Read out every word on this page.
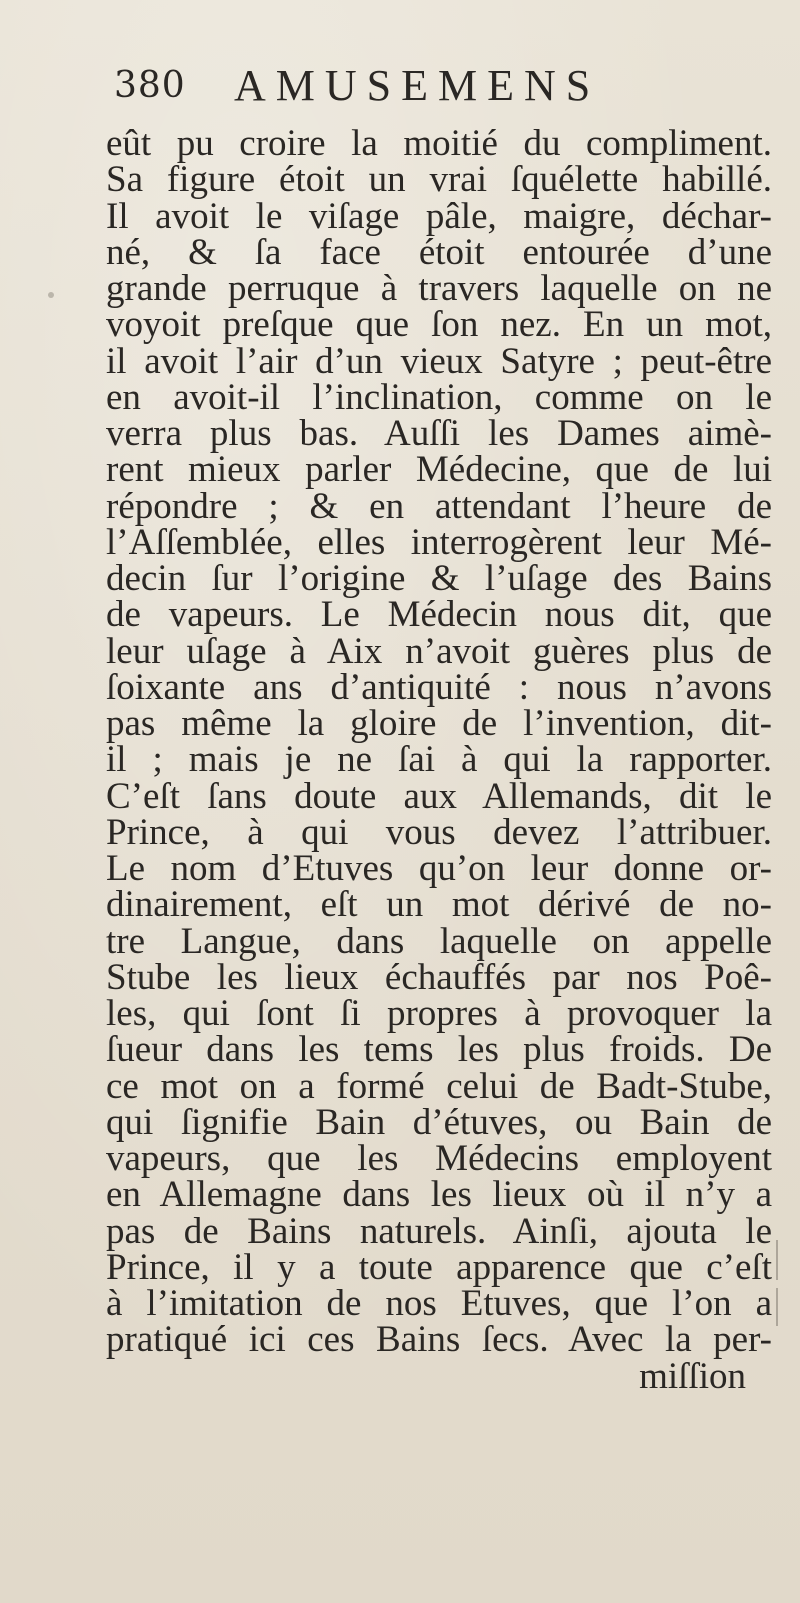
380 AMUSEMENS
eût pu croire la moitié du compliment.
Sa figure étoit un vrai ſquélette habillé.
Il avoit le viſage pâle, maigre, déchar-
né, & ſa face étoit entourée d’une
grande perruque à travers laquelle on ne
voyoit preſque que ſon nez. En un mot,
il avoit l’air d’un vieux Satyre ; peut-être
en avoit-il l’inclination, comme on le
verra plus bas. Auſſi les Dames aimè-
rent mieux parler Médecine, que de lui
répondre ; & en attendant l’heure de
l’Aſſemblée, elles interrogèrent leur Mé-
decin ſur l’origine & l’uſage des Bains
de vapeurs. Le Médecin nous dit, que
leur uſage à Aix n’avoit guères plus de
ſoixante ans d’antiquité : nous n’avons
pas même la gloire de l’invention, dit-
il ; mais je ne ſai à qui la rapporter.
C’eſt ſans doute aux Allemands, dit le
Prince, à qui vous devez l’attribuer.
Le nom d’Etuves qu’on leur donne or-
dinairement, eſt un mot dérivé de no-
tre Langue, dans laquelle on appelle
Stube les lieux échauffés par nos Poê-
les, qui ſont ſi propres à provoquer la
ſueur dans les tems les plus froids. De
ce mot on a formé celui de Badt-Stube,
qui ſignifie Bain d’étuves, ou Bain de
vapeurs, que les Médecins employent
en Allemagne dans les lieux où il n’y a
pas de Bains naturels. Ainſi, ajouta le
Prince, il y a toute apparence que c’eſt
à l’imitation de nos Etuves, que l’on a
pratiqué ici ces Bains ſecs. Avec la per-
miſſion
